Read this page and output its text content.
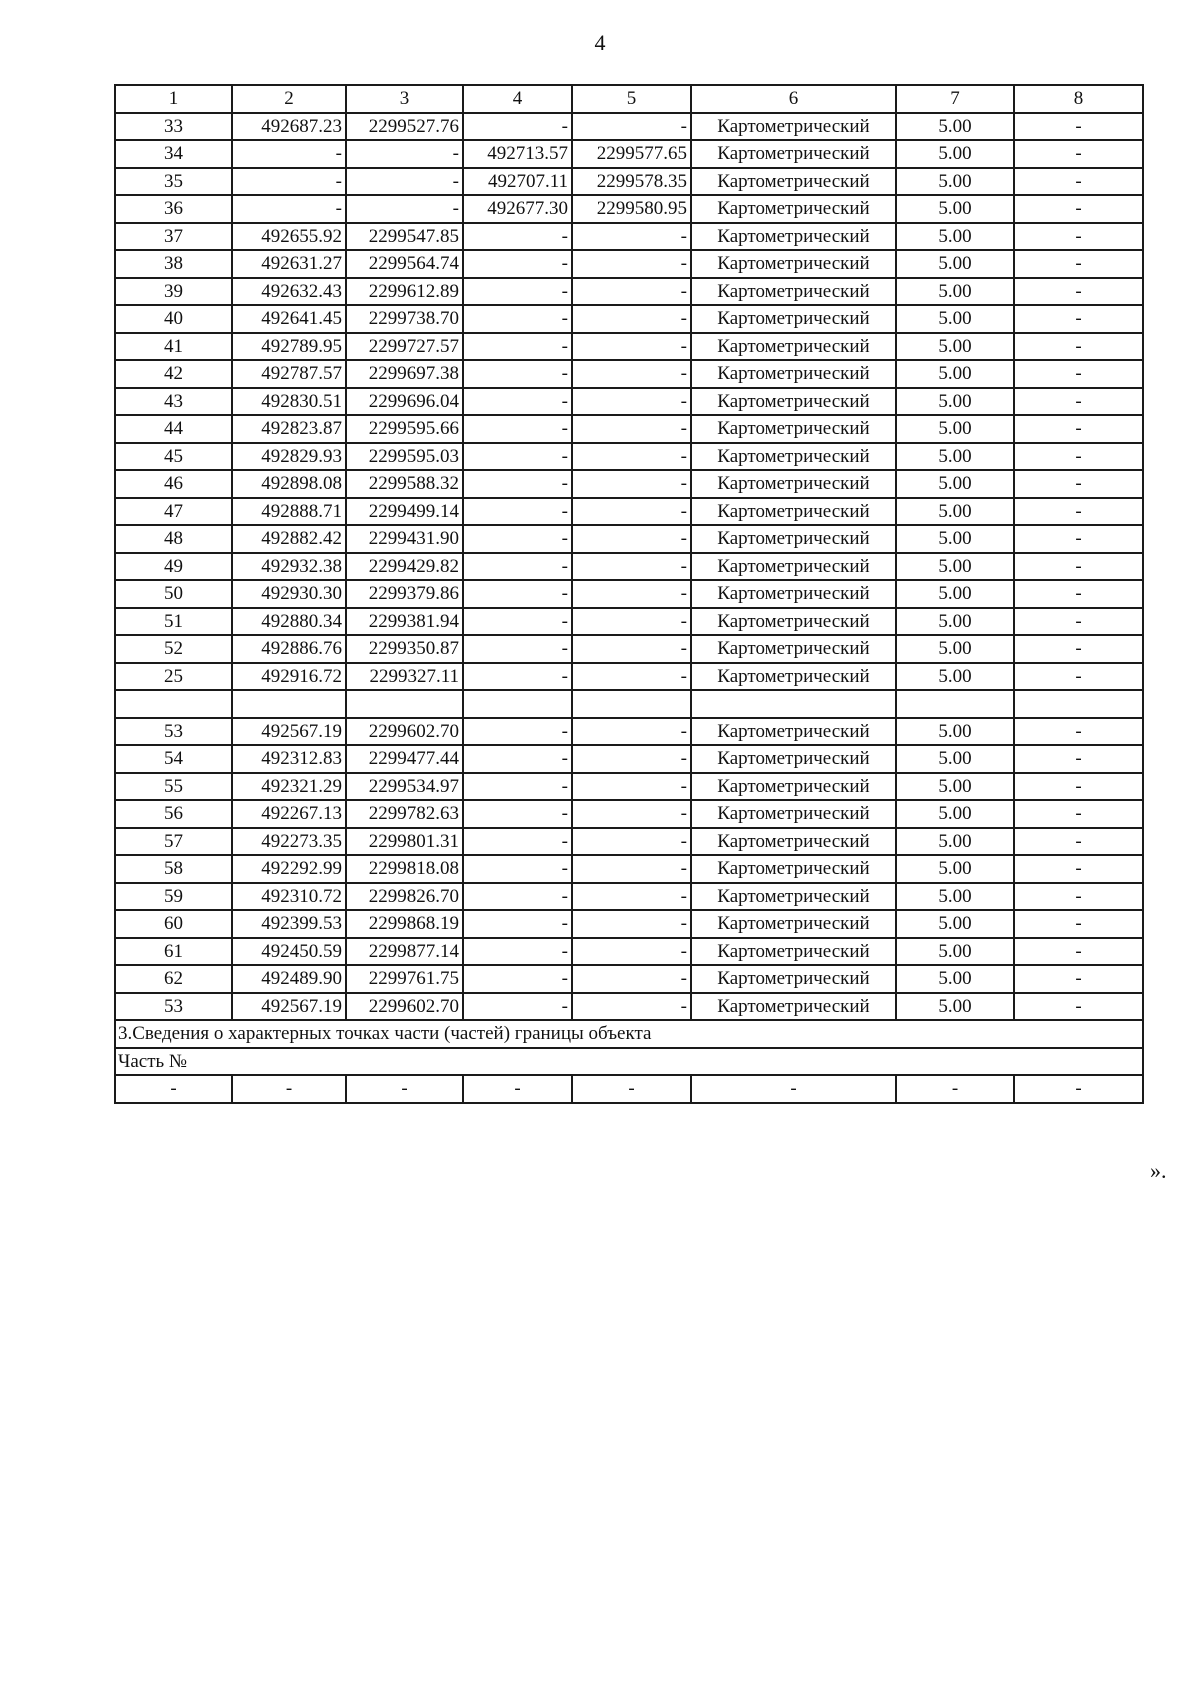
4
1	2	3	4	5	6	7	8
33	492687.23	2299527.76	-	-	Картометрический	5.00	-
34	-	-	492713.57	2299577.65	Картометрический	5.00	-
35	-	-	492707.11	2299578.35	Картометрический	5.00	-
36	-	-	492677.30	2299580.95	Картометрический	5.00	-
37	492655.92	2299547.85	-	-	Картометрический	5.00	-
38	492631.27	2299564.74	-	-	Картометрический	5.00	-
39	492632.43	2299612.89	-	-	Картометрический	5.00	-
40	492641.45	2299738.70	-	-	Картометрический	5.00	-
41	492789.95	2299727.57	-	-	Картометрический	5.00	-
42	492787.57	2299697.38	-	-	Картометрический	5.00	-
43	492830.51	2299696.04	-	-	Картометрический	5.00	-
44	492823.87	2299595.66	-	-	Картометрический	5.00	-
45	492829.93	2299595.03	-	-	Картометрический	5.00	-
46	492898.08	2299588.32	-	-	Картометрический	5.00	-
47	492888.71	2299499.14	-	-	Картометрический	5.00	-
48	492882.42	2299431.90	-	-	Картометрический	5.00	-
49	492932.38	2299429.82	-	-	Картометрический	5.00	-
50	492930.30	2299379.86	-	-	Картометрический	5.00	-
51	492880.34	2299381.94	-	-	Картометрический	5.00	-
52	492886.76	2299350.87	-	-	Картометрический	5.00	-
25	492916.72	2299327.11	-	-	Картометрический	5.00	-

53	492567.19	2299602.70	-	-	Картометрический	5.00	-
54	492312.83	2299477.44	-	-	Картометрический	5.00	-
55	492321.29	2299534.97	-	-	Картометрический	5.00	-
56	492267.13	2299782.63	-	-	Картометрический	5.00	-
57	492273.35	2299801.31	-	-	Картометрический	5.00	-
58	492292.99	2299818.08	-	-	Картометрический	5.00	-
59	492310.72	2299826.70	-	-	Картометрический	5.00	-
60	492399.53	2299868.19	-	-	Картометрический	5.00	-
61	492450.59	2299877.14	-	-	Картометрический	5.00	-
62	492489.90	2299761.75	-	-	Картометрический	5.00	-
53	492567.19	2299602.70	-	-	Картометрический	5.00	-
3.Сведения о характерных точках части (частей) границы объекта							
Часть №							
-	-	-	-	-	-	-	-
».
